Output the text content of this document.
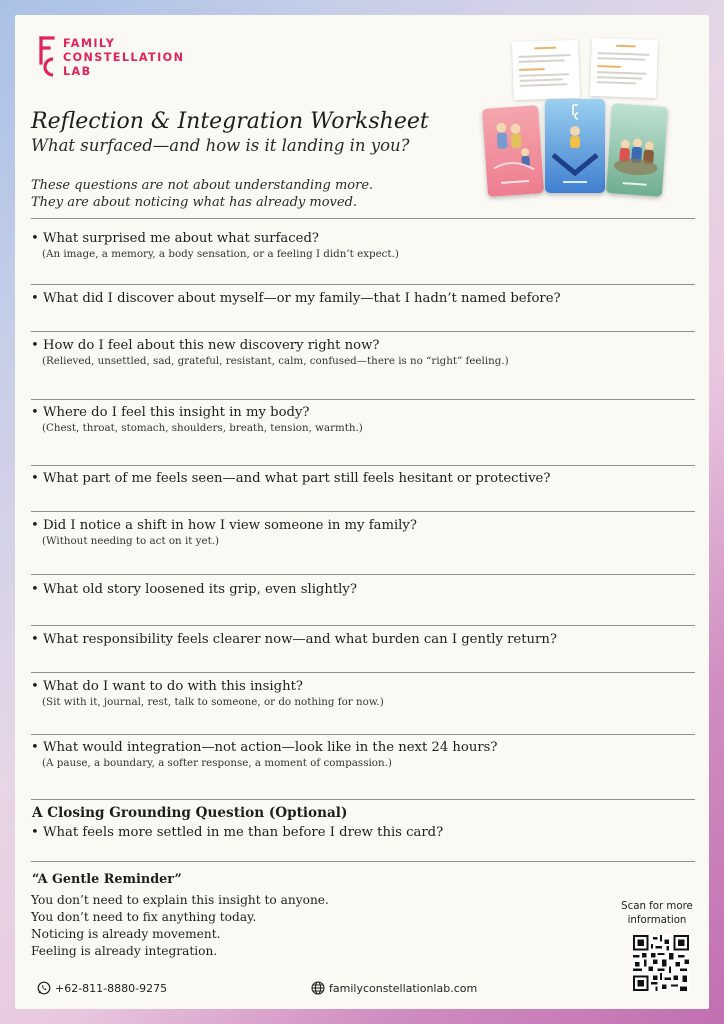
FAMILY
CONSTELLATION
LAB
Reflection & Integration Worksheet
What surfaced—and how is it landing in you?
These questions are not about understanding more.
They are about noticing what has already moved.
• What surprised me about what surfaced?
(An image, a memory, a body sensation, or a feeling I didn’t expect.)
• What did I discover about myself—or my family—that I hadn’t named before?
• How do I feel about this new discovery right now?
(Relieved, unsettled, sad, grateful, resistant, calm, confused—there is no “right” feeling.)
• Where do I feel this insight in my body?
(Chest, throat, stomach, shoulders, breath, tension, warmth.)
• What part of me feels seen—and what part still feels hesitant or protective?
• Did I notice a shift in how I view someone in my family?
(Without needing to act on it yet.)
• What old story loosened its grip, even slightly?
• What responsibility feels clearer now—and what burden can I gently return?
• What do I want to do with this insight?
(Sit with it, journal, rest, talk to someone, or do nothing for now.)
• What would integration—not action—look like in the next 24 hours?
(A pause, a boundary, a softer response, a moment of compassion.)
A Closing Grounding Question (Optional)
• What feels more settled in me than before I drew this card?
“A Gentle Reminder”
You don’t need to explain this insight to anyone.
You don’t need to fix anything today.
Noticing is already movement.
Feeling is already integration.
Scan for more
information
+62-811-8880-9275	familyconstellationlab.com
